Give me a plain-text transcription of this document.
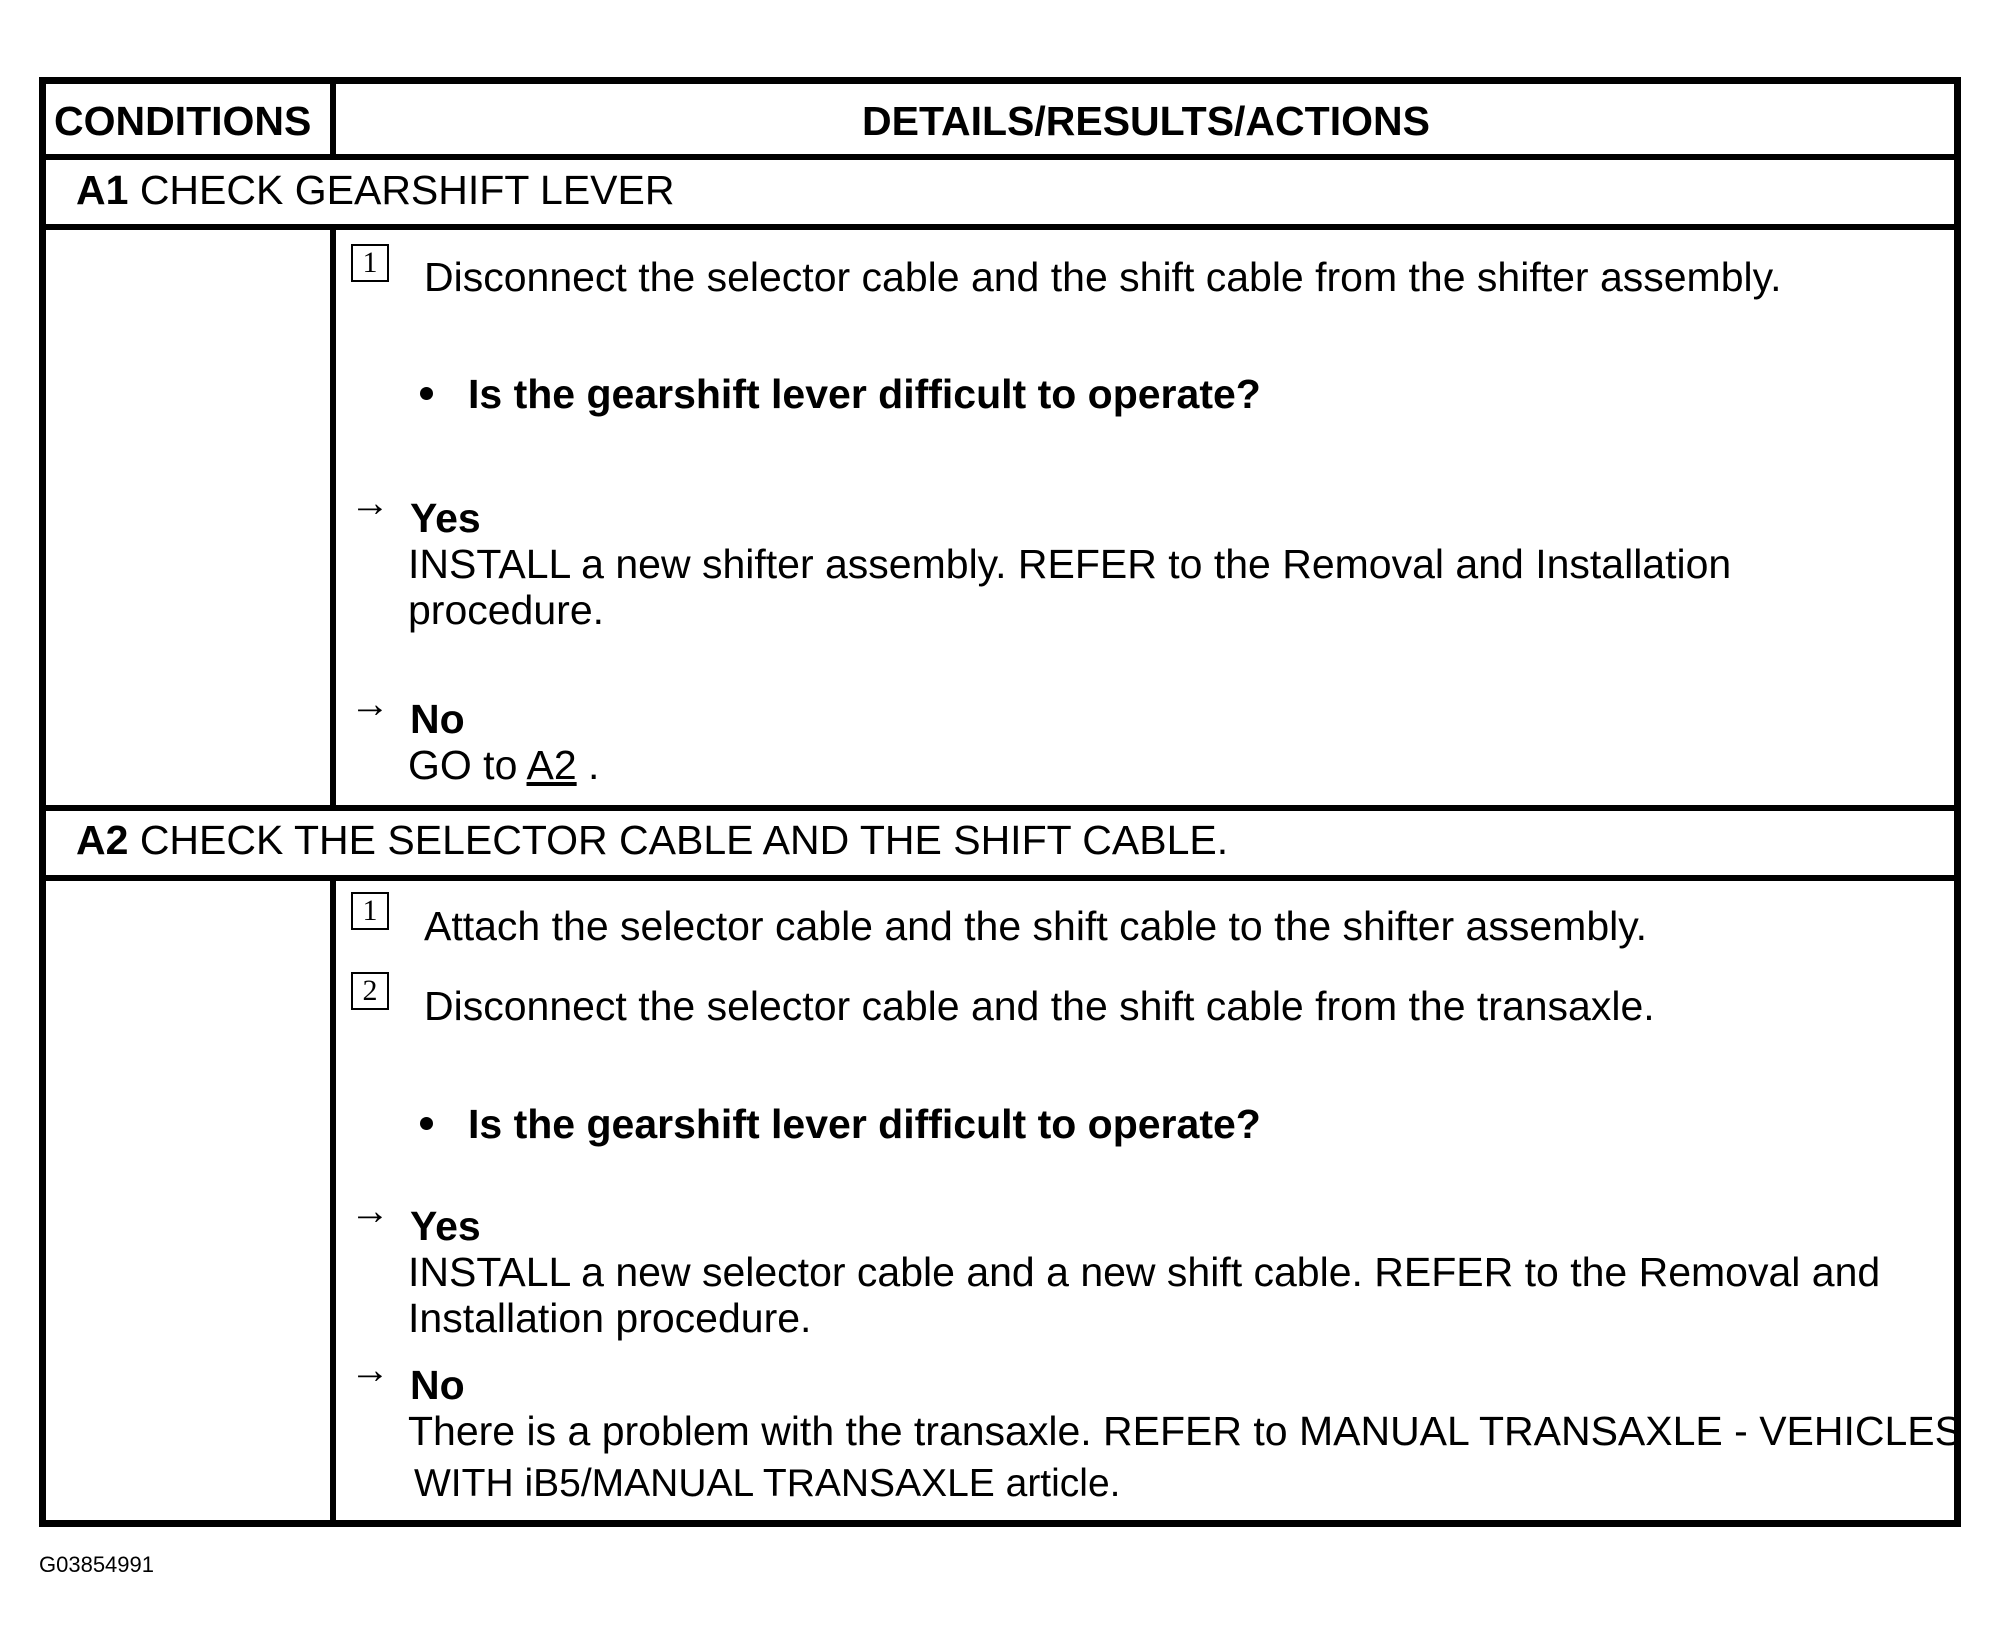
CONDITIONS	DETAILS/RESULTS/ACTIONS
A1 CHECK GEARSHIFT LEVER
1 Disconnect the selector cable and the shift cable from the shifter assembly.
Is the gearshift lever difficult to operate?
→ Yes
INSTALL a new shifter assembly. REFER to the Removal and Installation
procedure.
→ No
GO to A2 .
A2 CHECK THE SELECTOR CABLE AND THE SHIFT CABLE.
1 Attach the selector cable and the shift cable to the shifter assembly.
2 Disconnect the selector cable and the shift cable from the transaxle.
Is the gearshift lever difficult to operate?
→ Yes
INSTALL a new selector cable and a new shift cable. REFER to the Removal and
Installation procedure.
→ No
There is a problem with the transaxle. REFER to MANUAL TRANSAXLE - VEHICLES
WITH iB5/MANUAL TRANSAXLE article.
G03854991
